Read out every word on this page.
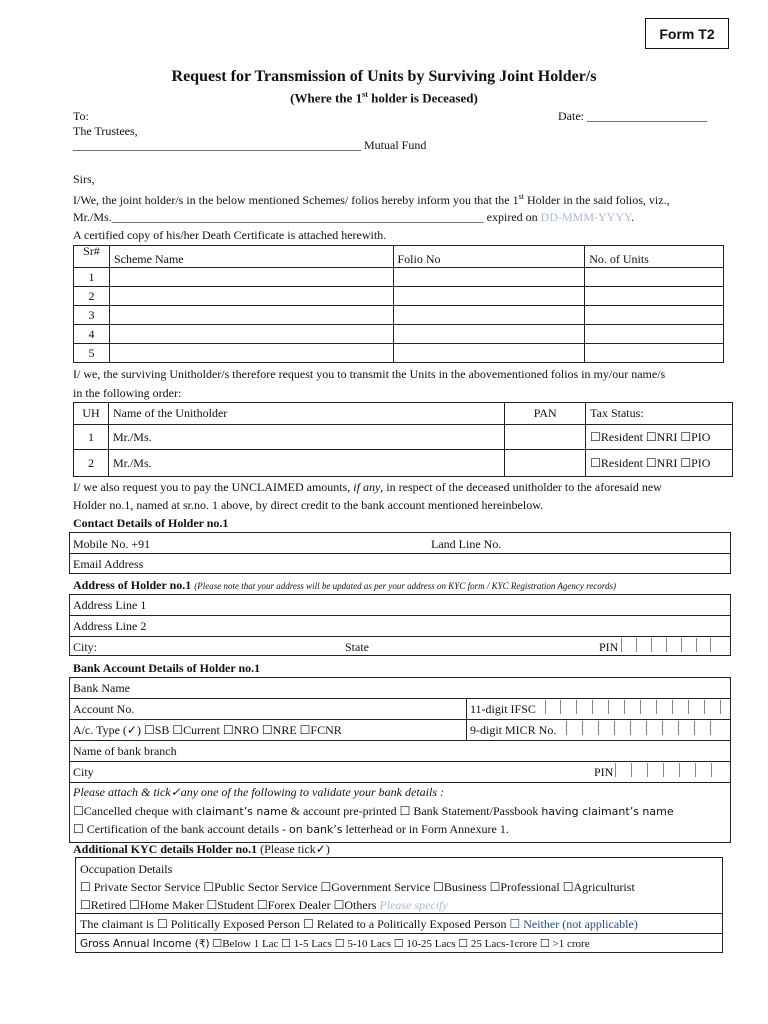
Form T2
Request for Transmission of Units by Surviving Joint Holder/s
(Where the 1st holder is Deceased)
To:	Date: ____________________
The Trustees,
________________________________________________ Mutual Fund
Sirs,
I/We, the joint holder/s in the below mentioned Schemes/ folios hereby inform you that the 1st Holder in the said folios, viz.,
Mr./Ms.______________________________________________________________ expired on DD-MMM-YYYY.
A certified copy of his/her Death Certificate is attached herewith.
Sr#	Scheme Name	Folio No	No. of Units
1			
2			
3			
4			
5			
I/ we, the surviving Unitholder/s therefore request you to transmit the Units in the abovementioned folios in my/our name/s
in the following order:
UH	Name of the Unitholder	PAN	Tax Status:
1	Mr./Ms.		☐Resident ☐NRI ☐PIO
2	Mr./Ms.		☐Resident ☐NRI ☐PIO
I/ we also request you to pay the UNCLAIMED amounts, if any, in respect of the deceased unitholder to the aforesaid new
Holder no.1, named at sr.no. 1 above, by direct credit to the bank account mentioned hereinbelow.
Contact Details of Holder no.1
Mobile No. +91	Land Line No.
Email Address
Address of Holder no.1 (Please note that your address will be updated as per your address on KYC form / KYC Registration Agency records)
Address Line 1
Address Line 2
City:	State	PIN
Bank Account Details of Holder no.1
Bank Name
Account No.	11-digit IFSC
A/c. Type (✓) ☐SB ☐Current ☐NRO ☐NRE ☐FCNR	9-digit MICR No.
Name of bank branch
City	PIN
Please attach & tick✓any one of the following to validate your bank details :
☐Cancelled cheque with claimant’s name & account pre-printed ☐ Bank Statement/Passbook having claimant’s name
☐ Certification of the bank account details - on bank’s letterhead or in Form Annexure 1.
Additional KYC details Holder no.1 (Please tick✓)
Occupation Details
☐ Private Sector Service ☐Public Sector Service ☐Government Service ☐Business ☐Professional ☐Agriculturist
☐Retired ☐Home Maker ☐Student ☐Forex Dealer ☐Others Please specify
The claimant is ☐ Politically Exposed Person ☐ Related to a Politically Exposed Person ☐ Neither (not applicable)
Gross Annual Income (₹) ☐Below 1 Lac ☐ 1-5 Lacs ☐ 5-10 Lacs ☐ 10-25 Lacs ☐ 25 Lacs-1crore ☐ >1 crore
